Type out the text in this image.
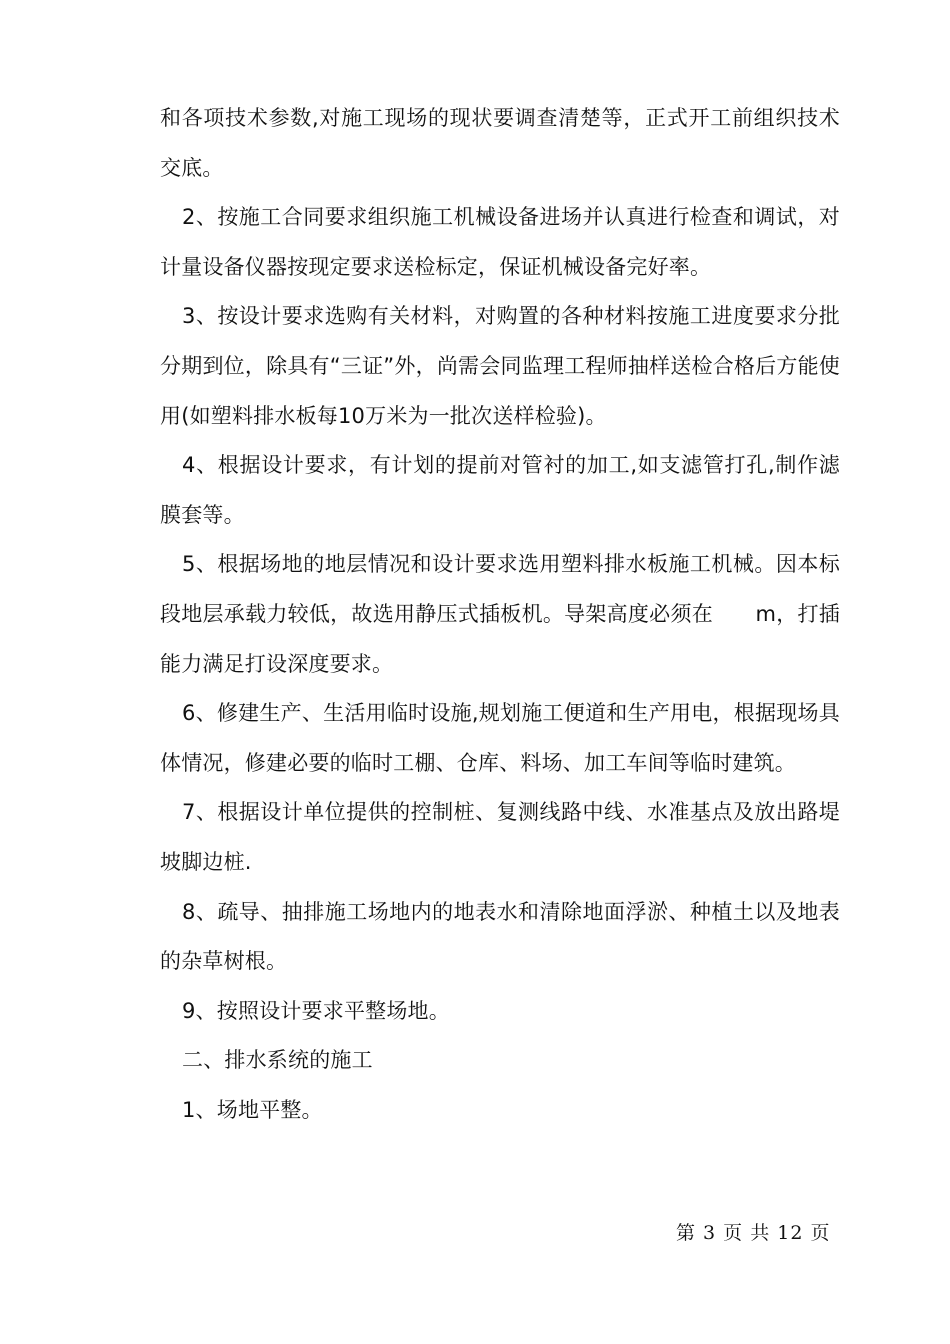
和各项技术参数,对施工现场的现状要调查清楚等，正式开工前组织技术交底。

2、按施工合同要求组织施工机械设备进场并认真进行检查和调试，对计量设备仪器按现定要求送检标定，保证机械设备完好率。

3、按设计要求选购有关材料，对购置的各种材料按施工进度要求分批分期到位，除具有“三证”外，尚需会同监理工程师抽样送检合格后方能使用(如塑料排水板每10万米为一批次送样检验)。

4、根据设计要求，有计划的提前对管衬的加工,如支滤管打孔,制作滤膜套等。

5、根据场地的地层情况和设计要求选用塑料排水板施工机械。因本标段地层承载力较低，故选用静压式插板机。导架高度必须在　　m，打插能力满足打设深度要求。

6、修建生产、生活用临时设施,规划施工便道和生产用电，根据现场具体情况，修建必要的临时工棚、仓库、料场、加工车间等临时建筑。

7、根据设计单位提供的控制桩、复测线路中线、水准基点及放出路堤坡脚边桩.

8、疏导、抽排施工场地内的地表水和清除地面浮淤、种植土以及地表的杂草树根。

9、按照设计要求平整场地。

二、排水系统的施工

1、场地平整。

第 3 页 共 12 页
